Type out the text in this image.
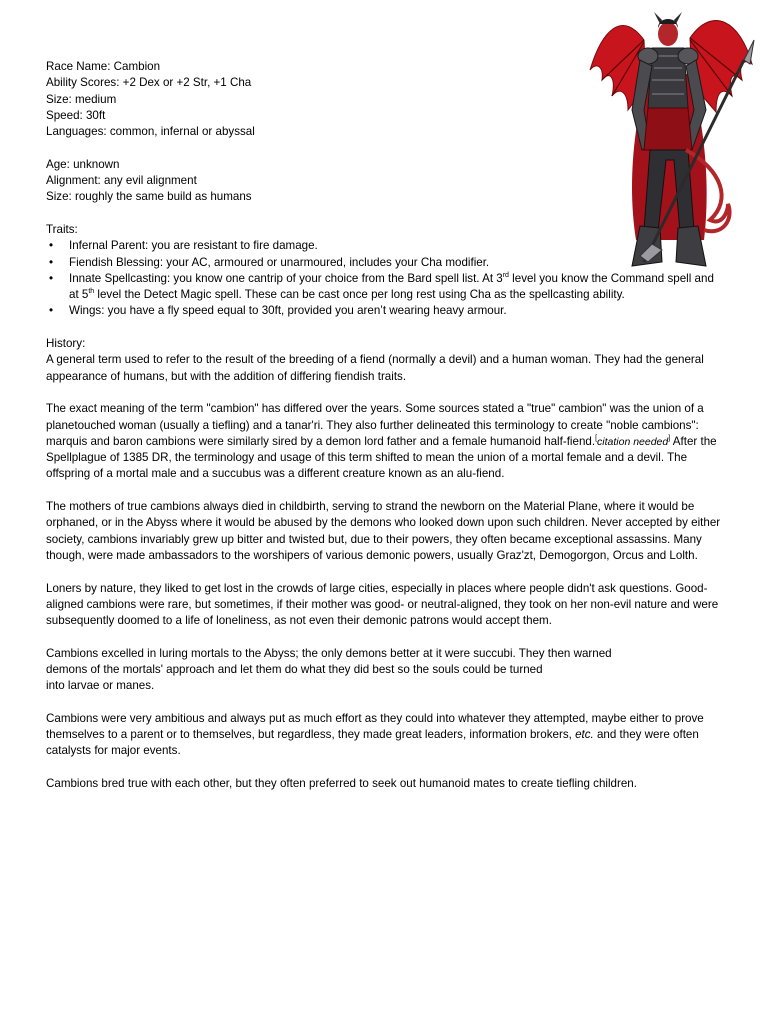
Race Name: Cambion
Ability Scores: +2 Dex or +2 Str, +1 Cha
Size: medium
Speed: 30ft
Languages: common, infernal or abyssal
Age: unknown
Alignment: any evil alignment
Size: roughly the same build as humans
Traits:
• Infernal Parent: you are resistant to fire damage.
• Fiendish Blessing: your AC, armoured or unarmoured, includes your Cha modifier.
• Innate Spellcasting: you know one cantrip of your choice from the Bard spell list. At 3rd level you know the Command spell and at 5th level the Detect Magic spell. These can be cast once per long rest using Cha as the spellcasting ability.
• Wings: you have a fly speed equal to 30ft, provided you aren’t wearing heavy armour.
History:
A general term used to refer to the result of the breeding of a fiend (normally a devil) and a human woman. They had the general appearance of humans, but with the addition of differing fiendish traits.
The exact meaning of the term "cambion" has differed over the years. Some sources stated a "true" cambion" was the union of a planetouched woman (usually a tiefling) and a tanar'ri. They also further delineated this terminology to create "noble cambions": marquis and baron cambions were similarly sired by a demon lord father and a female humanoid half-fiend.[citation needed] After the Spellplague of 1385 DR, the terminology and usage of this term shifted to mean the union of a mortal female and a devil. The offspring of a mortal male and a succubus was a different creature known as an alu-fiend.
The mothers of true cambions always died in childbirth, serving to strand the newborn on the Material Plane, where it would be orphaned, or in the Abyss where it would be abused by the demons who looked down upon such children. Never accepted by either society, cambions invariably grew up bitter and twisted but, due to their powers, they often became exceptional assassins. Many though, were made ambassadors to the worshipers of various demonic powers, usually Graz'zt, Demogorgon, Orcus and Lolth.
Loners by nature, they liked to get lost in the crowds of large cities, especially in places where people didn't ask questions. Good-aligned cambions were rare, but sometimes, if their mother was good- or neutral-aligned, they took on her non-evil nature and were subsequently doomed to a life of loneliness, as not even their demonic patrons would accept them.
Cambions excelled in luring mortals to the Abyss; the only demons better at it were succubi. They then warned
demons of the mortals' approach and let them do what they did best so the souls could be turned
into larvae or manes.
Cambions were very ambitious and always put as much effort as they could into whatever they attempted, maybe either to prove themselves to a parent or to themselves, but regardless, they made great leaders, information brokers, etc. and they were often catalysts for major events.
Cambions bred true with each other, but they often preferred to seek out humanoid mates to create tiefling children.
